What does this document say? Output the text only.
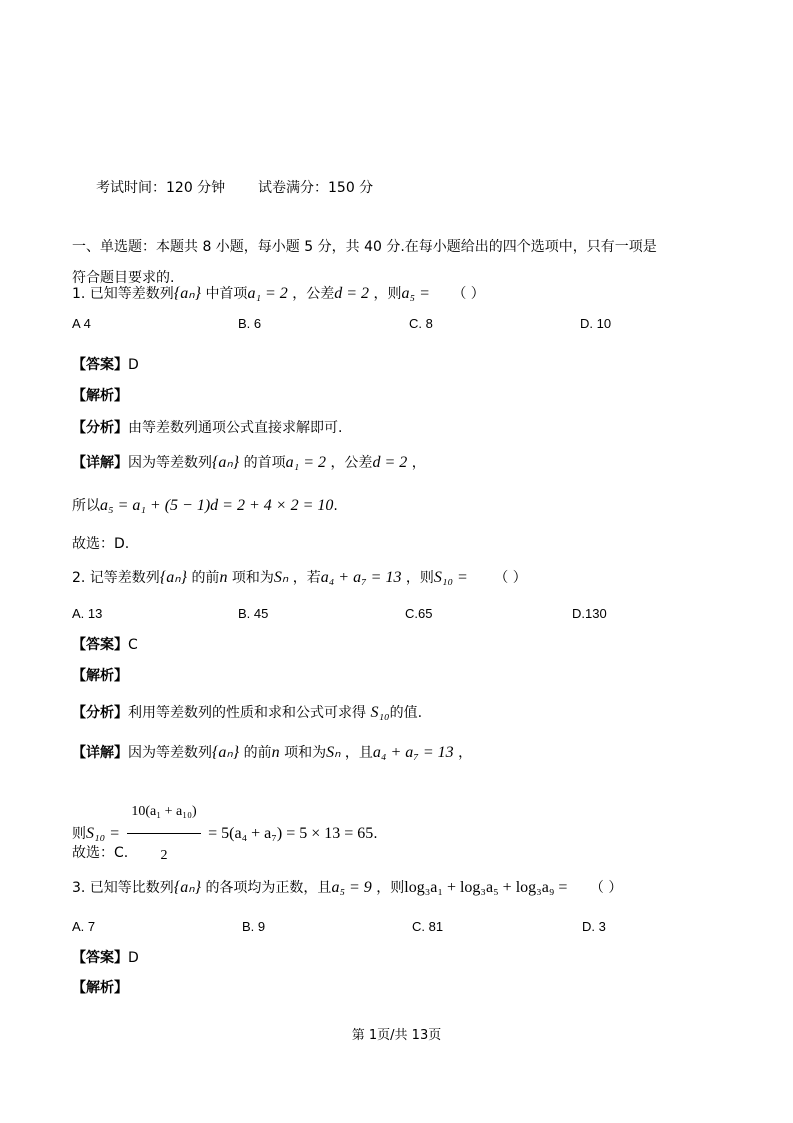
考试时间：120 分钟 试卷满分：150 分
一、单选题：本题共 8 小题，每小题 5 分，共 40 分.在每小题给出的四个选项中，只有一项是
符合题目要求的.
1. 已知等差数列{aₙ} 中首项a₁ = 2 ，公差d = 2 ，则a₅ = （ ）
A 4	B. 6	C. 8	D. 10
【答案】D
【解析】
【分析】由等差数列通项公式直接求解即可.
【详解】因为等差数列{aₙ} 的首项a₁ = 2 ，公差d = 2 ，
所以a₅ = a₁ + (5 − 1)d = 2 + 4 × 2 = 10.
故选：D.
2. 记等差数列{aₙ} 的前n 项和为Sₙ ，若a₄ + a₇ = 13 ，则S₁₀ = （ ）
A. 13	B. 45	C.65	D.130
【答案】C
【解析】
【分析】利用等差数列的性质和求和公式可求得 S₁₀的值.
【详解】因为等差数列{aₙ} 的前n 项和为Sₙ ，且a₄ + a₇ = 13 ，
则$S_{10} = \frac{\text{10(a₁ + a₁₀)}}{2} = 5(a_4 + a_7) = 5 \times 13 = 65$.
故选：C.
3. 已知等比数列{aₙ} 的各项均为正数，且a₅ = 9 ，则log₃a₁ + log₃a₅ + log₃a₉ = （ ）
A. 7	B. 9	C. 81	D. 3
【答案】D
【解析】
第 1页/共 13页
